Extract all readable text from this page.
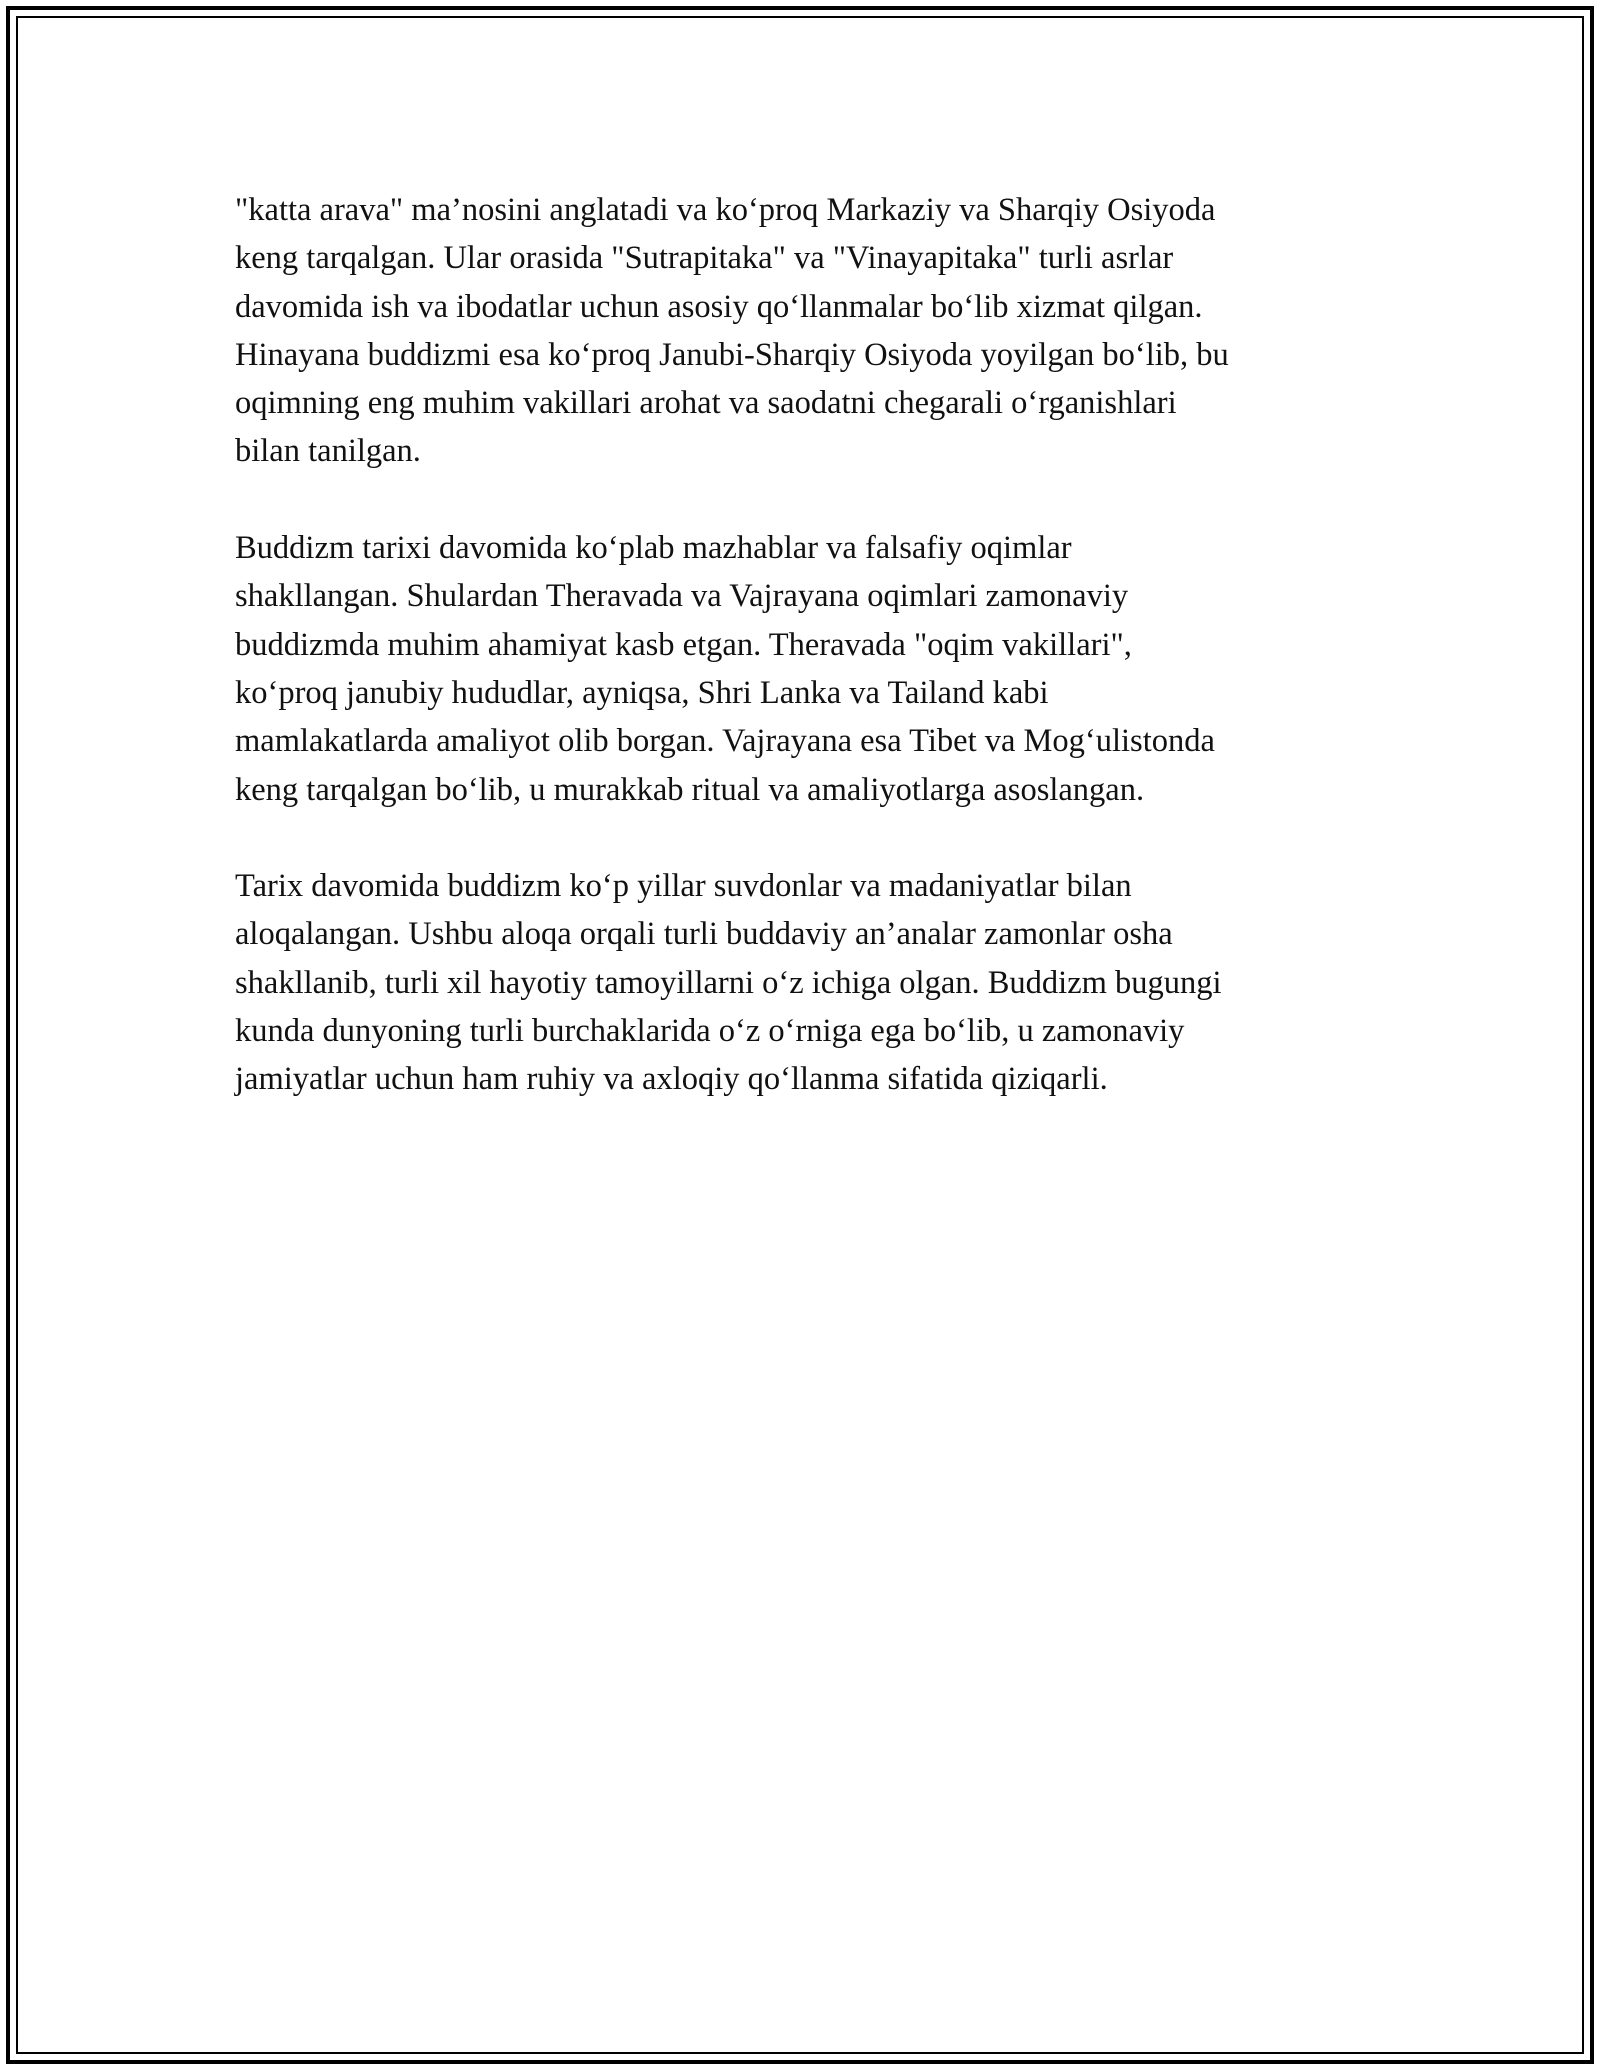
"katta arava" ma’nosini anglatadi va ko‘proq Markaziy va Sharqiy Osiyoda
keng tarqalgan. Ular orasida "Sutrapitaka" va "Vinayapitaka" turli asrlar
davomida ish va ibodatlar uchun asosiy qo‘llanmalar bo‘lib xizmat qilgan.
Hinayana buddizmi esa ko‘proq Janubi-Sharqiy Osiyoda yoyilgan bo‘lib, bu
oqimning eng muhim vakillari arohat va saodatni chegarali o‘rganishlari
bilan tanilgan.
Buddizm tarixi davomida ko‘plab mazhablar va falsafiy oqimlar
shakllangan. Shulardan Theravada va Vajrayana oqimlari zamonaviy
buddizmda muhim ahamiyat kasb etgan. Theravada "oqim vakillari",
ko‘proq janubiy hududlar, ayniqsa, Shri Lanka va Tailand kabi
mamlakatlarda amaliyot olib borgan. Vajrayana esa Tibet va Mog‘ulistonda
keng tarqalgan bo‘lib, u murakkab ritual va amaliyotlarga asoslangan.
Tarix davomida buddizm ko‘p yillar suvdonlar va madaniyatlar bilan
aloqalangan. Ushbu aloqa orqali turli buddaviy an’analar zamonlar osha
shakllanib, turli xil hayotiy tamoyillarni o‘z ichiga olgan. Buddizm bugungi
kunda dunyoning turli burchaklarida o‘z o‘rniga ega bo‘lib, u zamonaviy
jamiyatlar uchun ham ruhiy va axloqiy qo‘llanma sifatida qiziqarli.
